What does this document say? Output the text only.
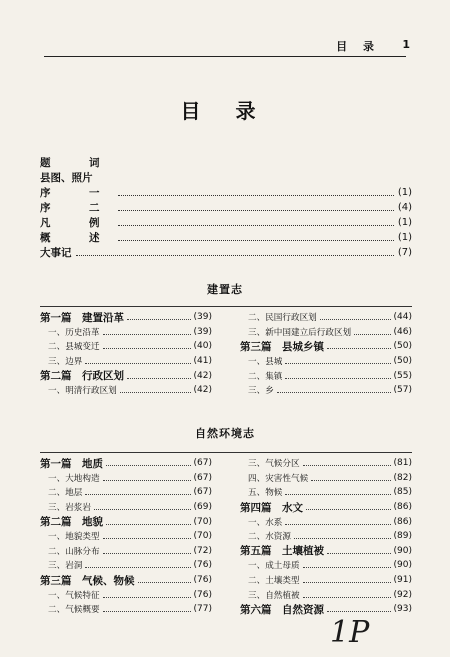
目 录 1
目 录
题　词
县图、照片
序　一	(1)
序　二	(4)
凡　例	(1)
概　述	(1)
大事记	(7)
建置志
第一篇　建置沿革	(39)
一、历史沿革	(39)
二、县城变迁	(40)
三、边界	(41)
第二篇　行政区划	(42)
一、明清行政区划	(42)
二、民国行政区划	(44)
三、新中国建立后行政区划	(46)
第三篇　县城乡镇	(50)
一、县城	(50)
二、集镇	(55)
三、乡	(57)
自然环境志
第一篇　地质	(67)
一、大地构造	(67)
二、地层	(67)
三、岩浆岩	(69)
第二篇　地貌	(70)
一、地貌类型	(70)
二、山脉分布	(72)
三、岩洞	(76)
第三篇　气候、物候	(76)
一、气候特征	(76)
二、气候概要	(77)
三、气候分区	(81)
四、灾害性气候	(82)
五、物候	(85)
第四篇　水文	(86)
一、水系	(86)
二、水资源	(89)
第五篇　土壤植被	(90)
一、成土母质	(90)
二、土壤类型	(91)
三、自然植被	(92)
第六篇　自然资源	(93)
1P
